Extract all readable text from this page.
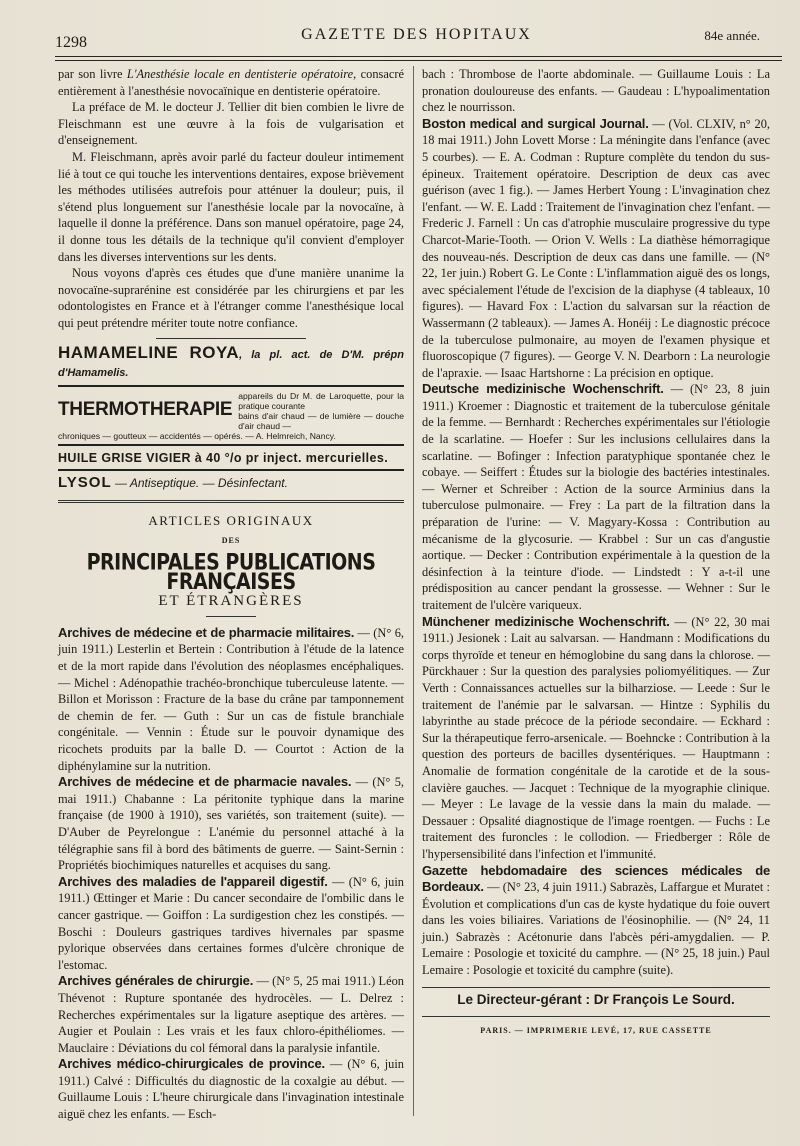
1298	GAZETTE DES HOPITAUX	84e année.

par son livre L'Anesthésie locale en dentisterie opératoire, consacré entièrement à l'anesthésie novocaïnique en dentisterie opératoire.

La préface de M. le docteur J. Tellier dit bien combien le livre de Fleischmann est une œuvre à la fois de vulgarisation et d'enseignement.

M. Fleischmann, après avoir parlé du facteur douleur intimement lié à tout ce qui touche les interventions dentaires, expose brièvement les méthodes utilisées autrefois pour atténuer la douleur; puis, il s'étend plus longuement sur l'anesthésie locale par la novocaïne, à laquelle il donne la préférence. Dans son manuel opératoire, page 24, il donne tous les détails de la technique qu'il convient d'employer dans les diverses interventions sur les dents.

Nous voyons d'après ces études que d'une manière unanime la novocaïne-suprarénine est considérée par les chirurgiens et par les odontologistes en France et à l'étranger comme l'anesthésique local qui peut prétendre mériter toute notre confiance.

HAMAMELINE ROYA, la pl. act. de D'M. prépn d'Hamamelis.
THERMOTHERAPIE
appareils du Dr M. de Laroquette, pour la pratique courante
bains d'air chaud — de lumière — douche d'air chaud —
chroniques — goutteux — accidentés — opérés. — A. Helmreich, Nancy.
HUILE GRISE VIGIER à 40 °/o pr inject. mercurielles.
LYSOL — Antiseptique. — Désinfectant.
ARTICLES ORIGINAUX
DES
PRINCIPALES PUBLICATIONS FRANÇAISES
ET ÉTRANGÈRES

Archives de médecine et de pharmacie militaires. — (N° 6, juin 1911.) Lesterlin et Bertein : Contribution à l'étude de la latence et de la mort rapide dans l'évolution des néoplasmes encéphaliques. — Michel : Adénopathie trachéo-bronchique tuberculeuse latente. — Billon et Morisson : Fracture de la base du crâne par tamponnement de chemin de fer. — Guth : Sur un cas de fistule branchiale congénitale. — Vennin : Étude sur le pouvoir dynamique des ricochets produits par la balle D. — Courtot : Action de la diphénylamine sur la nutrition.

Archives de médecine et de pharmacie navales. — (N° 5, mai 1911.) Chabanne : La péritonite typhique dans la marine française (de 1900 à 1910), ses variétés, son traitement (suite). — D'Auber de Peyrelongue : L'anémie du personnel attaché à la télégraphie sans fil à bord des bâtiments de guerre. — Saint-Sernin : Propriétés biochimiques naturelles et acquises du sang.

Archives des maladies de l'appareil digestif. — (N° 6, juin 1911.) Œttinger et Marie : Du cancer secondaire de l'ombilic dans le cancer gastrique. — Goiffon : La surdigestion chez les constipés. — Boschi : Douleurs gastriques tardives hivernales par spasme pylorique observées dans certaines formes d'ulcère chronique de l'estomac.

Archives générales de chirurgie. — (N° 5, 25 mai 1911.) Léon Thévenot : Rupture spontanée des hydrocèles. — L. Delrez : Recherches expérimentales sur la ligature aseptique des artères. — Augier et Poulain : Les vrais et les faux chloro-épithéliomes. — Mauclaire : Déviations du col fémoral dans la paralysie infantile.

Archives médico-chirurgicales de province. — (N° 6, juin 1911.) Calvé : Difficultés du diagnostic de la coxalgie au début. — Guillaume Louis : L'heure chirurgicale dans l'invagination intestinale aiguë chez les enfants. — Esch-

bach : Thrombose de l'aorte abdominale. — Guillaume Louis : La pronation douloureuse des enfants. — Gaudeau : L'hypoalimentation chez le nourrisson.

Boston medical and surgical Journal. — (Vol. CLXIV, n° 20, 18 mai 1911.) John Lovett Morse : La méningite dans l'enfance (avec 5 courbes). — E. A. Codman : Rupture complète du tendon du sus-épineux. Traitement opératoire. Description de deux cas avec guérison (avec 1 fig.). — James Herbert Young : L'invagination chez l'enfant. — W. E. Ladd : Traitement de l'invagination chez l'enfant. — Frederic J. Farnell : Un cas d'atrophie musculaire progressive du type Charcot-Marie-Tooth. — Orion V. Wells : La diathèse hémorragique des nouveau-nés. Description de deux cas dans une famille. — (N° 22, 1er juin.) Robert G. Le Conte : L'inflammation aiguë des os longs, avec spécialement l'étude de l'excision de la diaphyse (4 tableaux, 10 figures). — Havard Fox : L'action du salvarsan sur la réaction de Wassermann (2 tableaux). — James A. Honéij : Le diagnostic précoce de la tuberculose pulmonaire, au moyen de l'examen physique et fluoroscopique (7 figures). — George V. N. Dearborn : La neurologie de l'apraxie. — Isaac Hartshorne : La précision en optique.

Deutsche medizinische Wochenschrift. — (N° 23, 8 juin 1911.) Kroemer : Diagnostic et traitement de la tuberculose génitale de la femme. — Bernhardt : Recherches expérimentales sur l'étiologie de la scarlatine. — Hoefer : Sur les inclusions cellulaires dans la scarlatine. — Bofinger : Infection paratyphique spontanée chez le cobaye. — Seiffert : Études sur la biologie des bactéries intestinales. — Werner et Schreiber : Action de la source Arminius dans la tuberculose pulmonaire. — Frey : La part de la filtration dans la préparation de l'urine: — V. Magyary-Kossa : Contribution au mécanisme de la glycosurie. — Krabbel : Sur un cas d'angustie aortique. — Decker : Contribution expérimentale à la question de la désinfection à la teinture d'iode. — Lindstedt : Y a-t-il une prédisposition au cancer pendant la grossesse. — Wehner : Sur le traitement de l'ulcère variqueux.

Münchener medizinische Wochenschrift. — (N° 22, 30 mai 1911.) Jesionek : Lait au salvarsan. — Handmann : Modifications du corps thyroïde et teneur en hémoglobine du sang dans la chlorose. — Pürckhauer : Sur la question des paralysies poliomyélitiques. — Zur Verth : Connaissances actuelles sur la bilharziose. — Leede : Sur le traitement de l'anémie par le salvarsan. — Hintze : Syphilis du labyrinthe au stade précoce de la période secondaire. — Eckhard : Sur la thérapeutique ferro-arsenicale. — Boehncke : Contribution à la question des porteurs de bacilles dysentériques. — Hauptmann : Anomalie de formation congénitale de la carotide et de la sous-clavière gauches. — Jacquet : Technique de la myographie clinique. — Meyer : Le lavage de la vessie dans la main du malade. — Dessauer : Opsalité diagnostique de l'image roentgen. — Fuchs : Le traitement des furoncles : le collodion. — Friedberger : Rôle de l'hypersensibilité dans l'infection et l'immunité.

Gazette hebdomadaire des sciences médicales de Bordeaux. — (N° 23, 4 juin 1911.) Sabrazès, Laffargue et Muratet : Évolution et complications d'un cas de kyste hydatique du foie ouvert dans les voies biliaires. Variations de l'éosinophilie. — (N° 24, 11 juin.) Sabrazès : Acétonurie dans l'abcès péri-amygdalien. — P. Lemaire : Posologie et toxicité du camphre. — (N° 25, 18 juin.) Paul Lemaire : Posologie et toxicité du camphre (suite).

Le Directeur-gérant : Dr François Le Sourd.
PARIS. — IMPRIMERIE LEVÉ, 17, RUE CASSETTE
